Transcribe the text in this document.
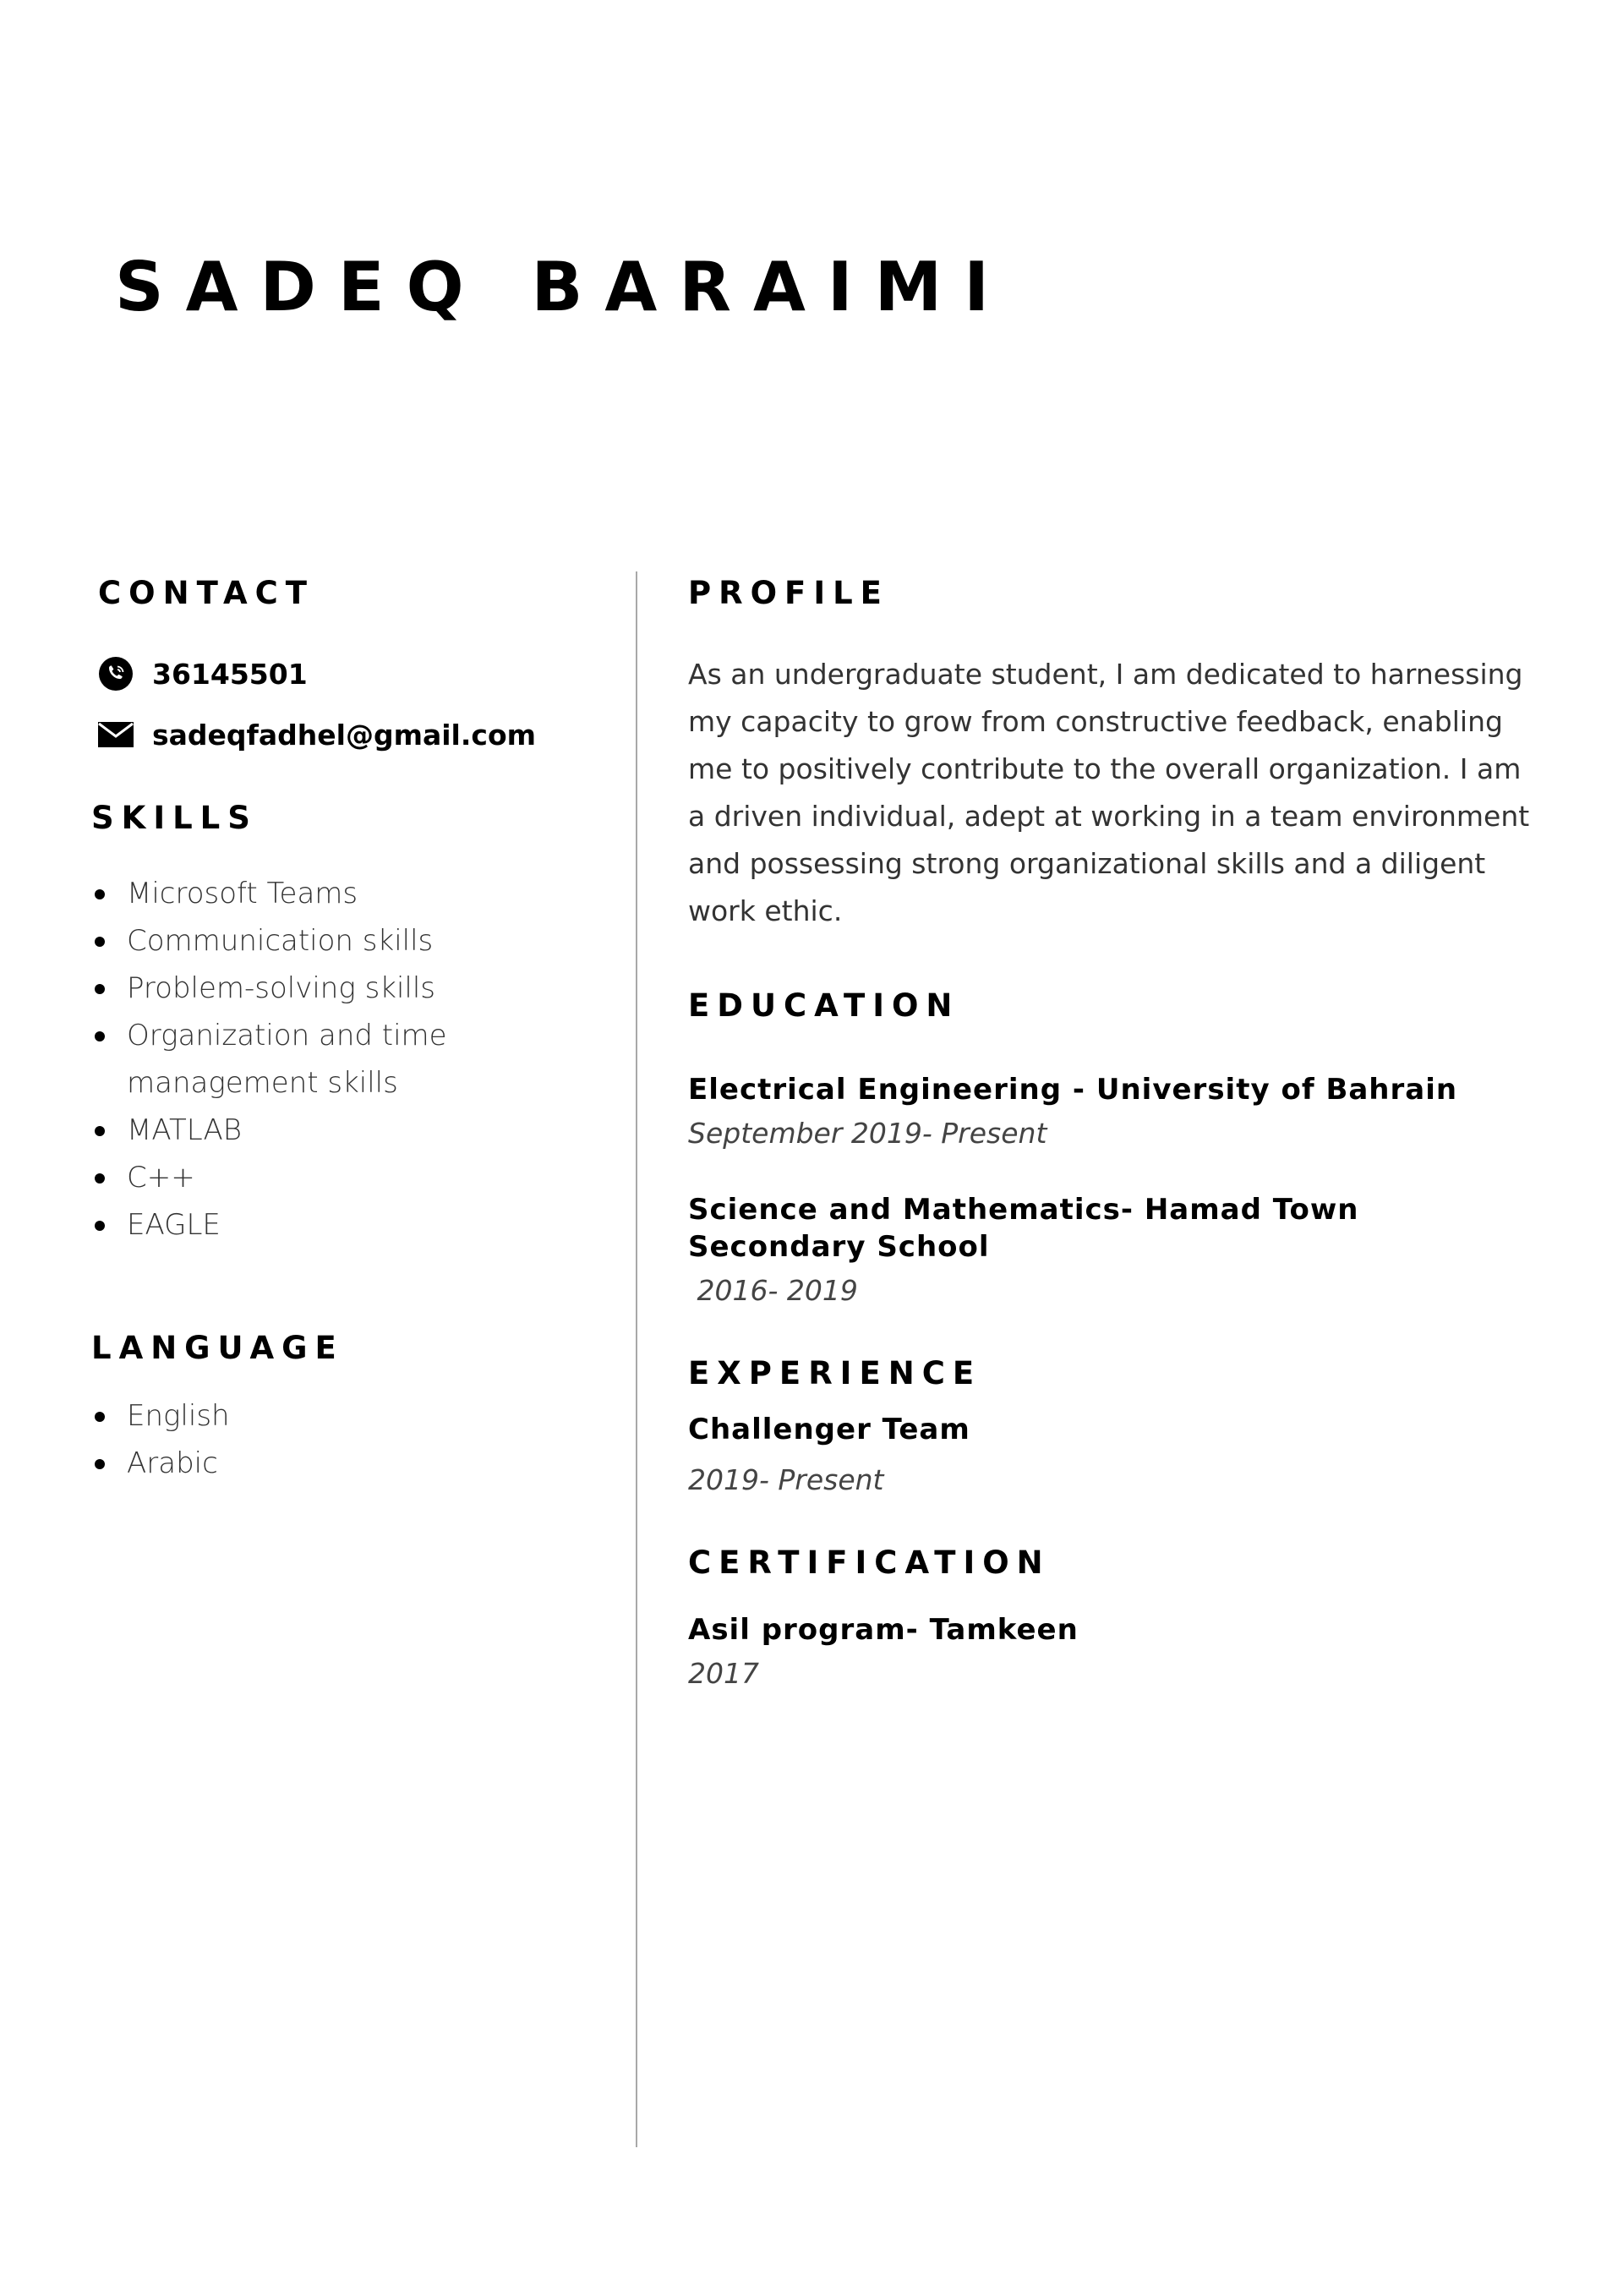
SADEQ BARAIMI
CONTACT
36145501
sadeqfadhel@gmail.com
SKILLS
Microsoft Teams
Communication skills
Problem-solving skills
Organization and time management skills
MATLAB
C++
EAGLE
LANGUAGE
English
Arabic
PROFILE

As an undergraduate student, I am dedicated to harnessing my capacity to grow from constructive feedback, enabling me to positively contribute to the overall organization. I am a driven individual, adept at working in a team environment and possessing strong organizational skills and a diligent work ethic.

EDUCATION

Electrical Engineering - University of Bahrain

September 2019- Present

Science and Mathematics- Hamad Town Secondary School

2016- 2019

EXPERIENCE

Challenger Team

2019- Present

CERTIFICATION

Asil program- Tamkeen

2017
